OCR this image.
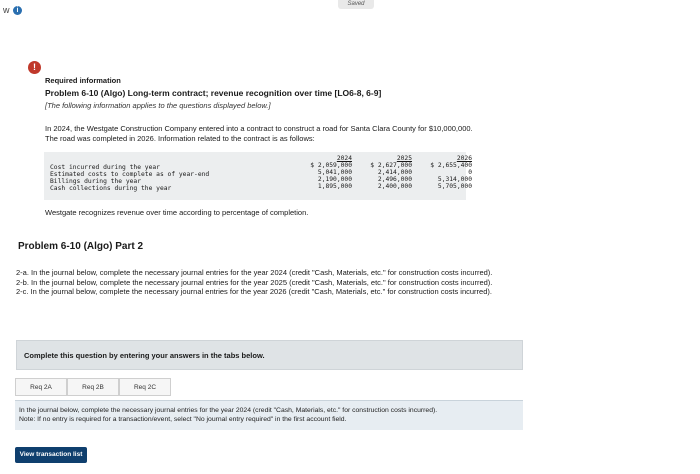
w	i
Saved
!
Required information
Problem 6-10 (Algo) Long-term contract; revenue recognition over time [LO6-8, 6-9]
[The following information applies to the questions displayed below.]
In 2024, the Westgate Construction Company entered into a contract to construct a road for Santa Clara County for $10,000,000. The road was completed in 2026. Information related to the contract is as follows:
2024	2025	2026
Cost incurred during the year	$ 2,059,000	$ 2,627,000	$ 2,655,400
Estimated costs to complete as of year-end	5,041,000	2,414,000	0
Billings during the year	2,190,000	2,496,000	5,314,000
Cash collections during the year	1,895,000	2,400,000	5,705,000
Westgate recognizes revenue over time according to percentage of completion.
Problem 6-10 (Algo) Part 2

2-a. In the journal below, complete the necessary journal entries for the year 2024 (credit "Cash, Materials, etc." for construction costs incurred).

2-b. In the journal below, complete the necessary journal entries for the year 2025 (credit "Cash, Materials, etc." for construction costs incurred).

2-c. In the journal below, complete the necessary journal entries for the year 2026 (credit "Cash, Materials, etc." for construction costs incurred).

Complete this question by entering your answers in the tabs below.
Req 2A	Req 2B	Req 2C
In the journal below, complete the necessary journal entries for the year 2024 (credit "Cash, Materials, etc." for construction costs incurred).
Note: If no entry is required for a transaction/event, select "No journal entry required" in the first account field.
View transaction list
